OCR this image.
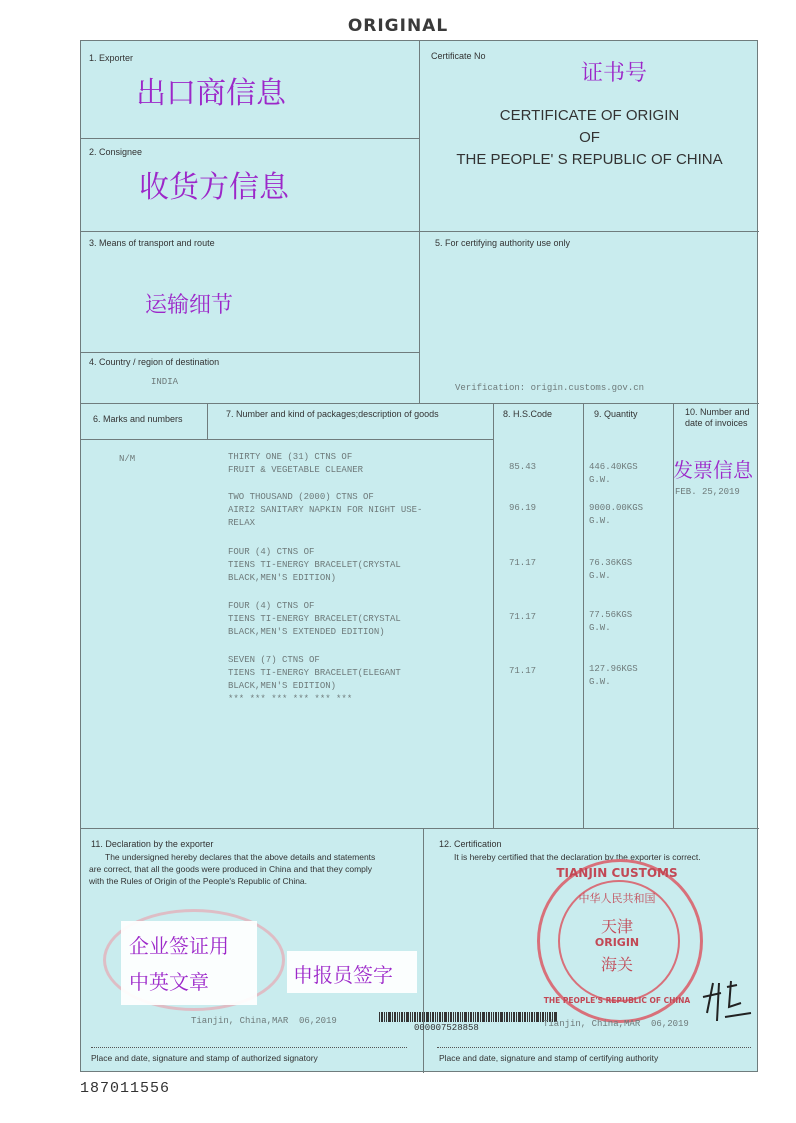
ORIGINAL
1. Exporter
出口商信息
2. Consignee
收货方信息
3. Means of transport and route
运输细节
4. Country / region of destination
INDIA
Certificate No
证书号
CERTIFICATE OF ORIGIN
OF
THE PEOPLE' S REPUBLIC OF CHINA
5. For certifying authority use only
Verification: origin.customs.gov.cn
6. Marks and numbers	7. Number and kind of packages;description of goods	8. H.S.Code	9. Quantity	10. Number and date of invoices
N/M	THIRTY ONE (31) CTNS OF
FRUIT & VEGETABLE CLEANER	85.43	446.40KGS
G.W.
TWO THOUSAND (2000) CTNS OF
AIRI2 SANITARY NAPKIN FOR NIGHT USE-
RELAX
96.19	9000.00KGS
G.W.
FOUR (4) CTNS OF
TIENS TI-ENERGY BRACELET(CRYSTAL
BLACK,MEN'S EDITION)
71.17	76.36KGS
G.W.
FOUR (4) CTNS OF
TIENS TI-ENERGY BRACELET(CRYSTAL
BLACK,MEN'S EXTENDED EDITION)
71.17	77.56KGS
G.W.
SEVEN (7) CTNS OF
TIENS TI-ENERGY BRACELET(ELEGANT
BLACK,MEN'S EDITION)
71.17	127.96KGS
G.W.
*** *** *** *** *** ***
发票信息
FEB. 25,2019
11. Declaration by the exporter
The undersigned hereby declares that the above details and statements
are correct, that all the goods were produced in China and that they comply
with the Rules of Origin of the People's Republic of China.
企业签证用
中英文章	申报员签字
Tianjin, China,MAR  06,2019
Place and date, signature and stamp of authorized signatory
12. Certification
It is hereby certified that the declaration by the exporter is correct.
TIANJIN CUSTOMS
中华人民共和国
天津
ORIGIN
海关
THE PEOPLE'S REPUBLIC OF CHINA
000007528858	Tianjin, China,MAR  06,2019
Place and date, signature and stamp of certifying authority
187011556
